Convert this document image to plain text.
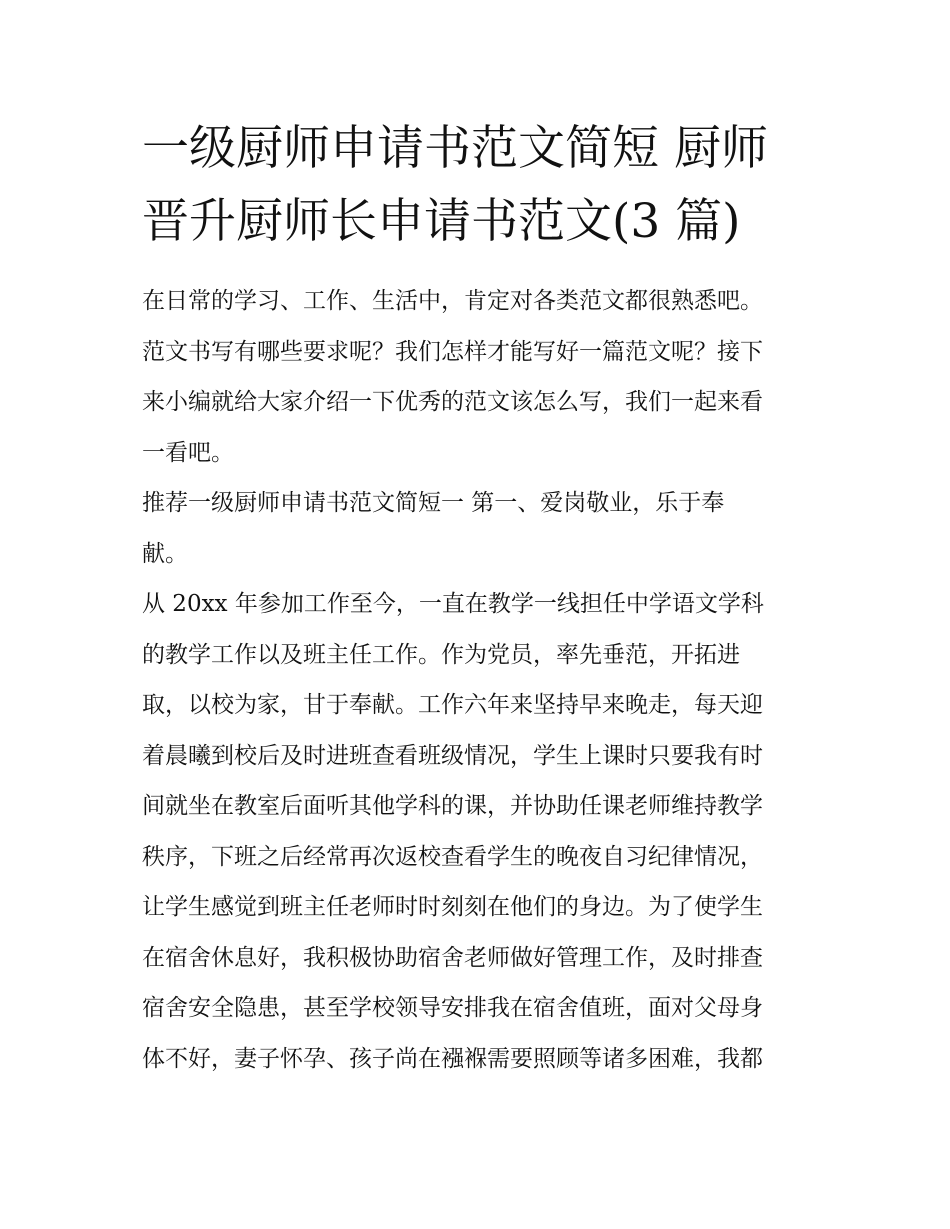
一级厨师申请书范文简短 厨师
晋升厨师长申请书范文(3 篇)
在日常的学习、工作、生活中，肯定对各类范文都很熟悉吧。
范文书写有哪些要求呢？我们怎样才能写好一篇范文呢？接下
来小编就给大家介绍一下优秀的范文该怎么写，我们一起来看
一看吧。
推荐一级厨师申请书范文简短一 第一、爱岗敬业，乐于奉
献。
从 20xx 年参加工作至今，一直在教学一线担任中学语文学科
的教学工作以及班主任工作。作为党员，率先垂范，开拓进
取，以校为家，甘于奉献。工作六年来坚持早来晚走，每天迎
着晨曦到校后及时进班查看班级情况，学生上课时只要我有时
间就坐在教室后面听其他学科的课，并协助任课老师维持教学
秩序，下班之后经常再次返校查看学生的晚夜自习纪律情况，
让学生感觉到班主任老师时时刻刻在他们的身边。为了使学生
在宿舍休息好，我积极协助宿舍老师做好管理工作，及时排查
宿舍安全隐患，甚至学校领导安排我在宿舍值班，面对父母身
体不好，妻子怀孕、孩子尚在襁褓需要照顾等诸多困难，我都
